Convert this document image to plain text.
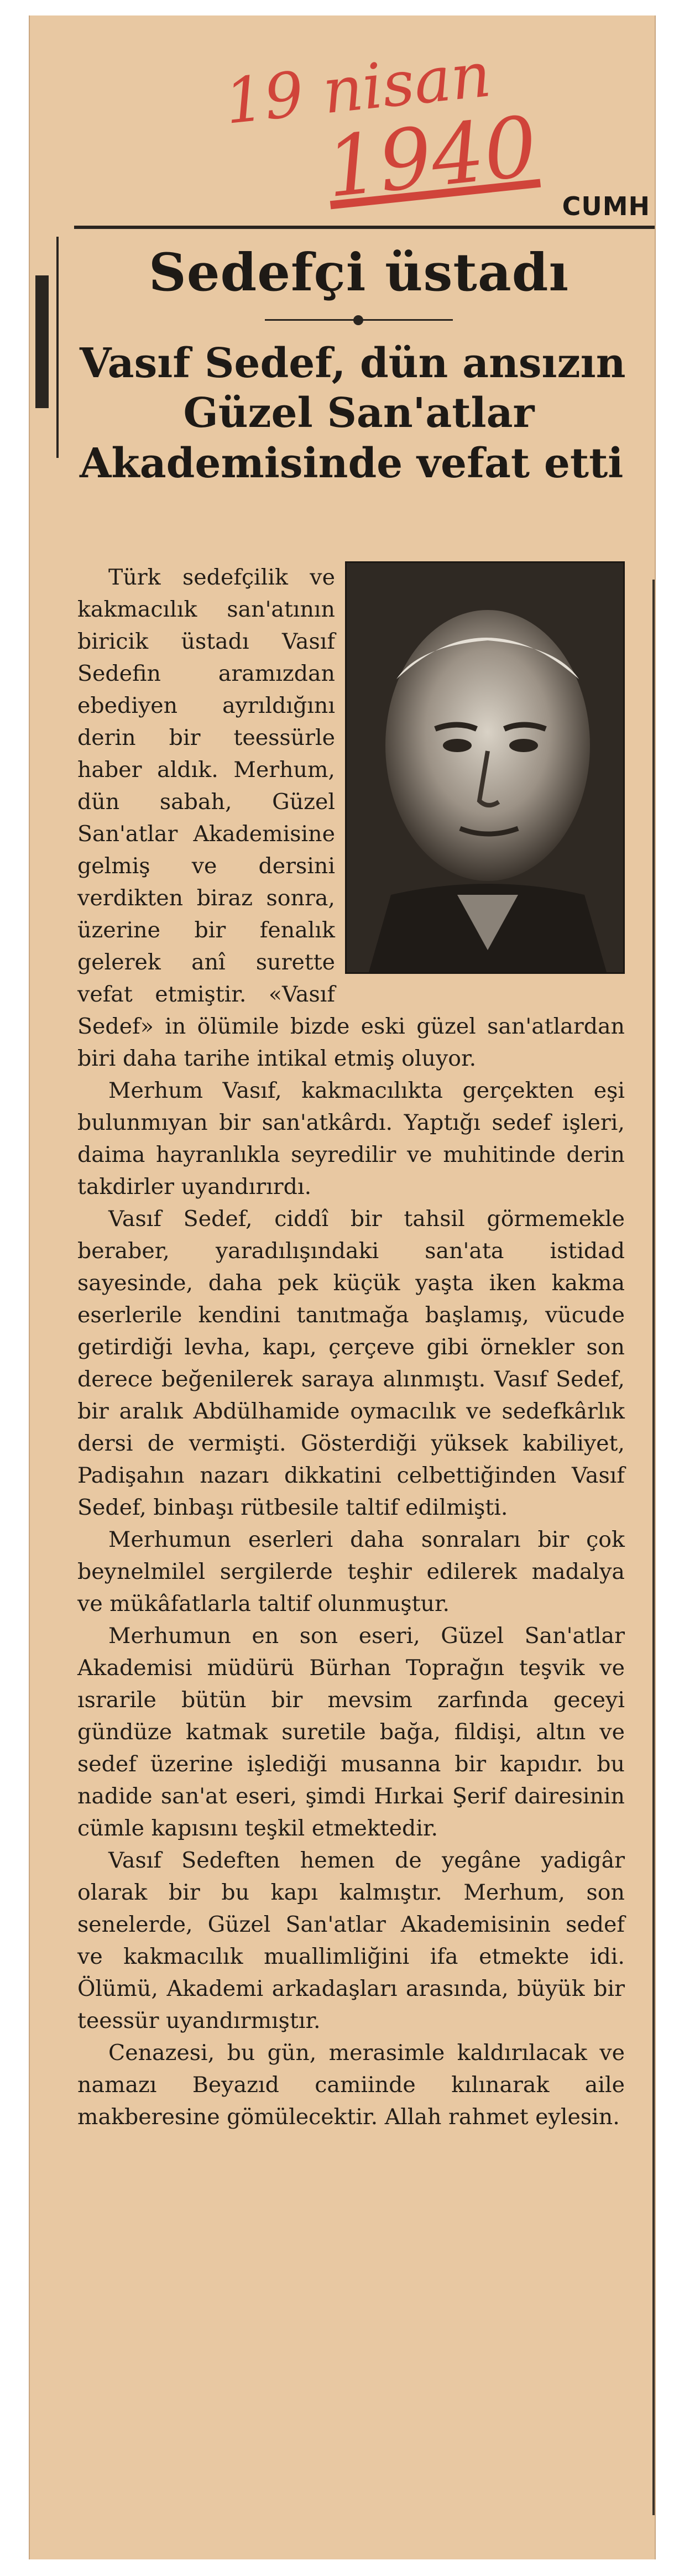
19 nisan
1940 CUMH
Sedefçi üstadı
Vasıf Sedef, dün ansızın
Güzel San'atlar
Akademisinde vefat etti

Türk sedefçilik ve kakmacılık san'atının biricik üstadı Vasıf Sedefin aramızdan ebediyen ayrıldığını derin bir teessürle haber aldık. Merhum, dün sabah, Güzel San'atlar Akademisine gelmiş ve dersini verdikten biraz sonra, üzerine bir fenalık gelerek anî surette vefat etmiştir. «Vasıf Sedef» in ölümile bizde eski güzel san'atlardan biri daha tarihe intikal etmiş oluyor.

Merhum Vasıf, kakmacılıkta gerçekten eşi bulunmıyan bir san'atkârdı. Yaptığı sedef işleri, daima hayranlıkla seyredilir ve muhitinde derin takdirler uyandırırdı.

Vasıf Sedef, ciddî bir tahsil görmemekle beraber, yaradılışındaki san'ata istidad sayesinde, daha pek küçük yaşta iken kakma eserlerile kendini tanıtmağa başlamış, vücude getirdiği levha, kapı, çerçeve gibi örnekler son derece beğenilerek saraya alınmıştı. Vasıf Sedef, bir aralık Abdülhamide oymacılık ve sedefkârlık dersi de vermişti. Gösterdiği yüksek kabiliyet, Padişahın nazarı dikkatini celbettiğinden Vasıf Sedef, binbaşı rütbesile taltif edilmişti.

Merhumun eserleri daha sonraları bir çok beynelmilel sergilerde teşhir edilerek madalya ve mükâfatlarla taltif olunmuştur.

Merhumun en son eseri, Güzel San'atlar Akademisi müdürü Bürhan Toprağın teşvik ve ısrarile bütün bir mevsim zarfında geceyi gündüze katmak suretile bağa, fildişi, altın ve sedef üzerine işlediği musanna bir kapıdır. bu nadide san'at eseri, şimdi Hırkai Şerif dairesinin cümle kapısını teşkil etmektedir.

Vasıf Sedeften hemen de yegâne yadigâr olarak bir bu kapı kalmıştır. Merhum, son senelerde, Güzel San'atlar Akademisinin sedef ve kakmacılık muallimliğini ifa etmekte idi. Ölümü, Akademi arkadaşları arasında, büyük bir teessür uyandırmıştır.

Cenazesi, bu gün, merasimle kaldırılacak ve namazı Beyazıd camiinde kılınarak aile makberesine gömülecektir. Allah rahmet eylesin.
